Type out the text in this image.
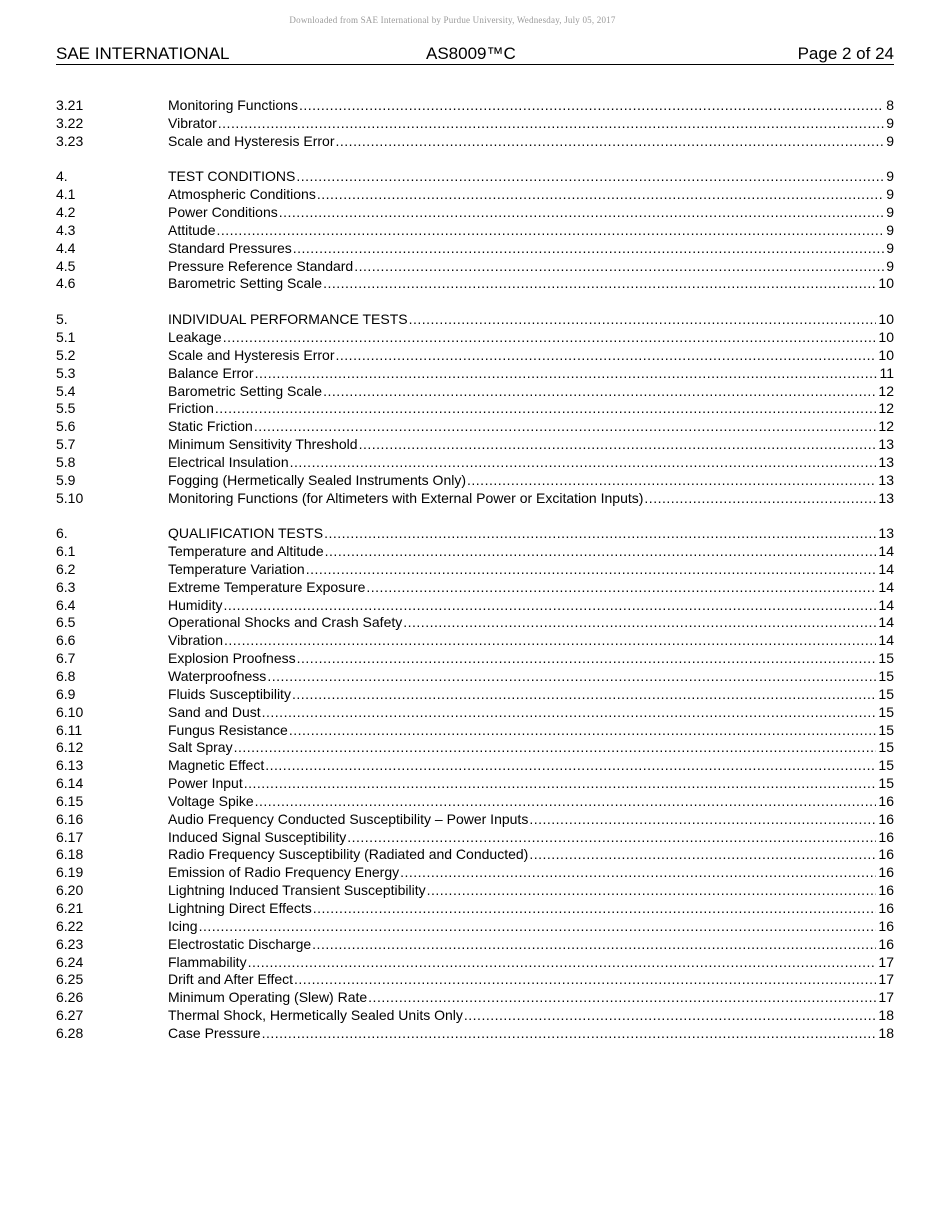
Downloaded from SAE International by Purdue University, Wednesday, July 05, 2017
SAE INTERNATIONAL	AS8009™C	Page 2 of 24
3.21	Monitoring Functions .....	8
3.22	Vibrator .....	9
3.23	Scale and Hysteresis Error .....	9
4.	TEST CONDITIONS .....	9
4.1	Atmospheric Conditions .....	9
4.2	Power Conditions .....	9
4.3	Attitude .....	9
4.4	Standard Pressures .....	9
4.5	Pressure Reference Standard .....	9
4.6	Barometric Setting Scale .....	10
5.	INDIVIDUAL PERFORMANCE TESTS .....	10
5.1	Leakage .....	10
5.2	Scale and Hysteresis Error .....	10
5.3	Balance Error .....	11
5.4	Barometric Setting Scale .....	12
5.5	Friction .....	12
5.6	Static Friction .....	12
5.7	Minimum Sensitivity Threshold .....	13
5.8	Electrical Insulation .....	13
5.9	Fogging (Hermetically Sealed Instruments Only) .....	13
5.10	Monitoring Functions (for Altimeters with External Power or Excitation Inputs) .....	13
6.	QUALIFICATION TESTS .....	13
6.1	Temperature and Altitude .....	14
6.2	Temperature Variation .....	14
6.3	Extreme Temperature Exposure .....	14
6.4	Humidity .....	14
6.5	Operational Shocks and Crash Safety .....	14
6.6	Vibration .....	14
6.7	Explosion Proofness .....	15
6.8	Waterproofness .....	15
6.9	Fluids Susceptibility .....	15
6.10	Sand and Dust .....	15
6.11	Fungus Resistance .....	15
6.12	Salt Spray .....	15
6.13	Magnetic Effect .....	15
6.14	Power Input .....	15
6.15	Voltage Spike .....	16
6.16	Audio Frequency Conducted Susceptibility – Power Inputs .....	16
6.17	Induced Signal Susceptibility .....	16
6.18	Radio Frequency Susceptibility (Radiated and Conducted) .....	16
6.19	Emission of Radio Frequency Energy .....	16
6.20	Lightning Induced Transient Susceptibility .....	16
6.21	Lightning Direct Effects .....	16
6.22	Icing .....	16
6.23	Electrostatic Discharge .....	16
6.24	Flammability .....	17
6.25	Drift and After Effect .....	17
6.26	Minimum Operating (Slew) Rate .....	17
6.27	Thermal Shock, Hermetically Sealed Units Only .....	18
6.28	Case Pressure .....	18
